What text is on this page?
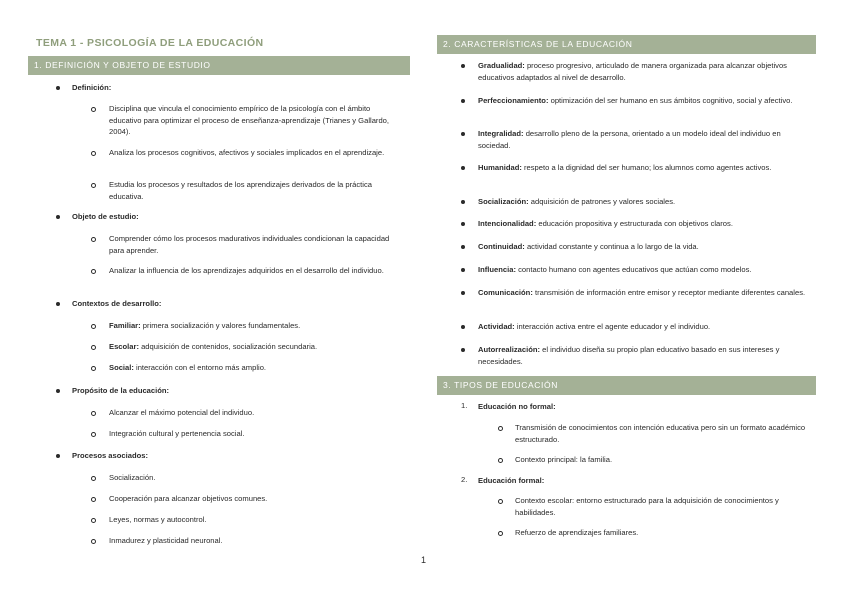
TEMA 1 - PSICOLOGÍA DE LA EDUCACIÓN
1. DEFINICIÓN Y OBJETO DE ESTUDIO
2. CARACTERÍSTICAS DE LA EDUCACIÓN
3. TIPOS DE EDUCACIÓN
Definición:
Disciplina que vincula el conocimiento empírico de la psicología con el ámbito educativo para optimizar el proceso de enseñanza-aprendizaje (Trianes y Gallardo, 2004).
Analiza los procesos cognitivos, afectivos y sociales implicados en el aprendizaje.
Estudia los procesos y resultados de los aprendizajes derivados de la práctica educativa.
Objeto de estudio:
Comprender cómo los procesos madurativos individuales condicionan la capacidad para aprender.
Analizar la influencia de los aprendizajes adquiridos en el desarrollo del individuo.
Contextos de desarrollo:
Familiar: primera socialización y valores fundamentales.
Escolar: adquisición de contenidos, socialización secundaria.
Social: interacción con el entorno más amplio.
Propósito de la educación:
Alcanzar el máximo potencial del individuo.
Integración cultural y pertenencia social.
Procesos asociados:
Socialización.
Cooperación para alcanzar objetivos comunes.
Leyes, normas y autocontrol.
Inmadurez y plasticidad neuronal.
Gradualidad: proceso progresivo, articulado de manera organizada para alcanzar objetivos educativos adaptados al nivel de desarrollo.
Perfeccionamiento: optimización del ser humano en sus ámbitos cognitivo, social y afectivo.
Integralidad: desarrollo pleno de la persona, orientado a un modelo ideal del individuo en sociedad.
Humanidad: respeto a la dignidad del ser humano; los alumnos como agentes activos.
Socialización: adquisición de patrones y valores sociales.
Intencionalidad: educación propositiva y estructurada con objetivos claros.
Continuidad: actividad constante y continua a lo largo de la vida.
Influencia: contacto humano con agentes educativos que actúan como modelos.
Comunicación: transmisión de información entre emisor y receptor mediante diferentes canales.
Actividad: interacción activa entre el agente educador y el individuo.
Autorrealización: el individuo diseña su propio plan educativo basado en sus intereses y necesidades.
1. Educación no formal:
Transmisión de conocimientos con intención educativa pero sin un formato académico estructurado.
Contexto principal: la familia.
2. Educación formal:
Contexto escolar: entorno estructurado para la adquisición de conocimientos y habilidades.
Refuerzo de aprendizajes familiares.
1
